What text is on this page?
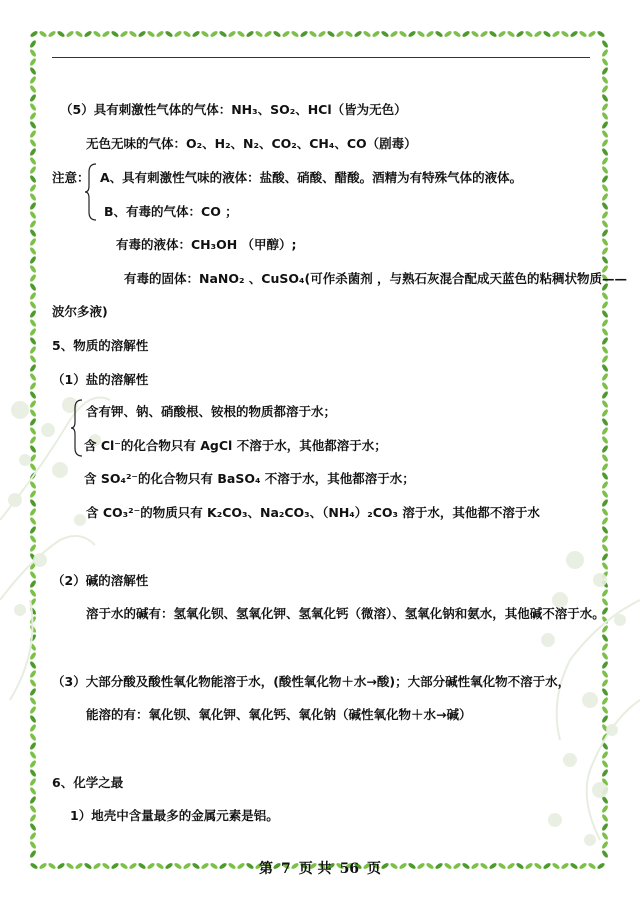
（5）具有刺激性气体的气体：NH₃、SO₂、HCl（皆为无色）
无色无味的气体：O₂、H₂、N₂、CO₂、CH₄、CO（剧毒）
注意： A、具有刺激性气味的液体：盐酸、硝酸、醋酸。酒精为有特殊气体的液体。
B、有毒的气体：CO ；
有毒的液体：CH₃OH （甲醇）;
有毒的固体：NaNO₂ 、CuSO₄(可作杀菌剂 ，与熟石灰混合配成天蓝色的粘稠状物质——
波尔多液)
5、物质的溶解性
（1）盐的溶解性
含有钾、钠、硝酸根、铵根的物质都溶于水；
含 Cl⁻的化合物只有 AgCl 不溶于水，其他都溶于水；
含 SO₄²⁻的化合物只有 BaSO₄ 不溶于水，其他都溶于水；
含 CO₃²⁻的物质只有 K₂CO₃、Na₂CO₃、（NH₄）₂CO₃ 溶于水，其他都不溶于水
（2）碱的溶解性
溶于水的碱有：氢氧化钡、氢氧化钾、氢氧化钙（微溶）、氢氧化钠和氨水，其他碱不溶于水。
（3）大部分酸及酸性氧化物能溶于水，(酸性氧化物＋水→酸)；大部分碱性氧化物不溶于水，
能溶的有：氧化钡、氧化钾、氧化钙、氧化钠（碱性氧化物＋水→碱）
6、化学之最
1）地壳中含量最多的金属元素是铝。
第 7 页 共 56 页
